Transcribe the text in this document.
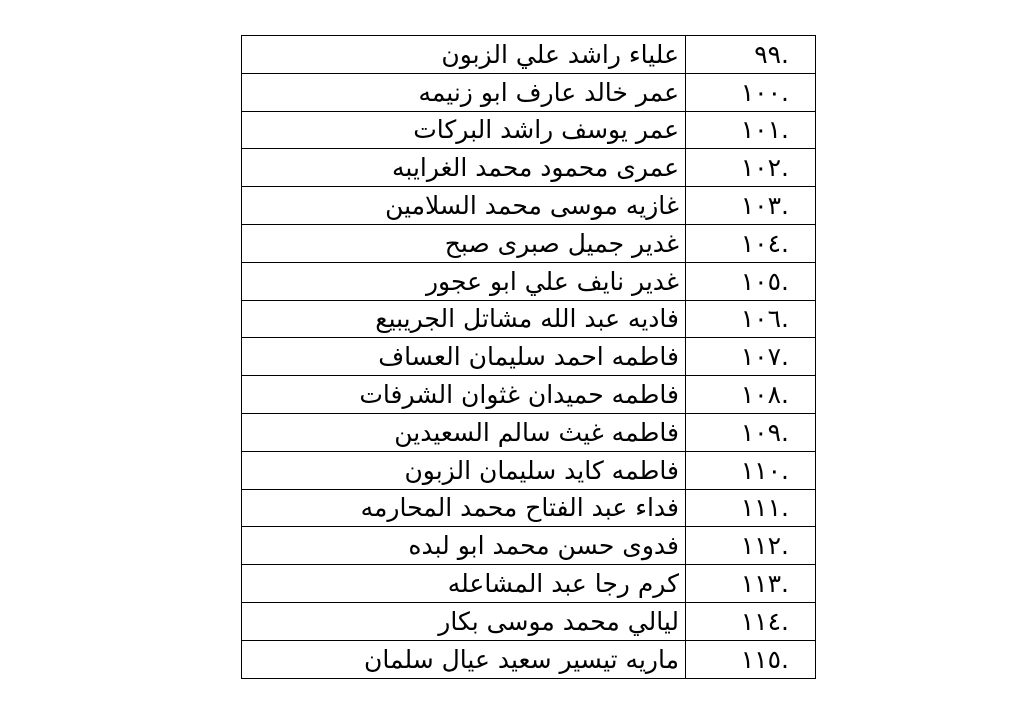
علياء راشد علي الزبون	.٩٩
عمر خالد عارف ابو زنيمه	.١٠٠
عمر يوسف راشد البركات	.١٠١
عمرى محمود محمد الغرايبه	.١٠٢
غازيه موسى محمد السلامين	.١٠٣
غدير جميل صبرى صبح	.١٠٤
غدير نايف علي ابو عجور	.١٠٥
فاديه عبد الله مشاتل الجريبيع	.١٠٦
فاطمه احمد سليمان العساف	.١٠٧
فاطمه حميدان غثوان الشرفات	.١٠٨
فاطمه غيث سالم السعيدين	.١٠٩
فاطمه كايد سليمان الزبون	.١١٠
فداء عبد الفتاح محمد المحارمه	.١١١
فدوى حسن محمد ابو لبده	.١١٢
كرم رجا عبد المشاعله	.١١٣
ليالي محمد موسى بكار	.١١٤
ماريه تيسير سعيد عيال سلمان	.١١٥
